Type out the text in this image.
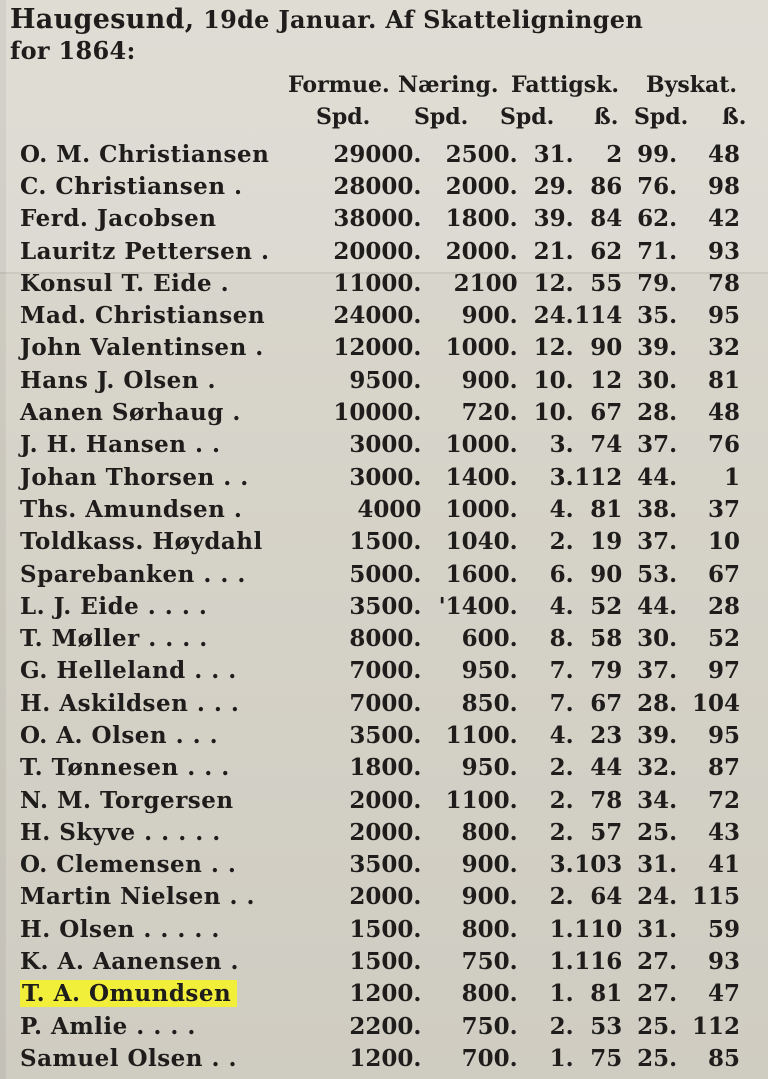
Haugesund, 19de Januar. Af Skatteligningen
for 1864:
Formue. Næring. Fattigsk. Byskat.
Spd. Spd. Spd. ß. Spd. ß.
O. M. Christiansen	29000.	2500.	31.	2	99.	48
C. Christiansen .	28000.	2000.	29.	86	76.	98
Ferd. Jacobsen	38000.	1800.	39.	84	62.	42
Lauritz Pettersen .	20000.	2000.	21.	62	71.	93
Konsul T. Eide .	11000.	2100	12.	55	79.	78
Mad. Christiansen	24000.	900.	24.	114	35.	95
John Valentinsen .	12000.	1000.	12.	90	39.	32
Hans J. Olsen .	9500.	900.	10.	12	30.	81
Aanen Sørhaug .	10000.	720.	10.	67	28.	48
J. H. Hansen . .	3000.	1000.	3.	74	37.	76
Johan Thorsen . .	3000.	1400.	3.	112	44.	1
Ths. Amundsen .	4000	1000.	4.	81	38.	37
Toldkass. Høydahl	1500.	1040.	2.	19	37.	10
Sparebanken . . .	5000.	1600.	6.	90	53.	67
L. J. Eide . . . .	3500.	'1400.	4.	52	44.	28
T. Møller . . . .	8000.	600.	8.	58	30.	52
G. Helleland . . .	7000.	950.	7.	79	37.	97
H. Askildsen . . .	7000.	850.	7.	67	28.	104
O. A. Olsen . . .	3500.	1100.	4.	23	39.	95
T. Tønnesen . . .	1800.	950.	2.	44	32.	87
N. M. Torgersen	2000.	1100.	2.	78	34.	72
H. Skyve . . . . .	2000.	800.	2.	57	25.	43
O. Clemensen . .	3500.	900.	3.	103	31.	41
Martin Nielsen . .	2000.	900.	2.	64	24.	115
H. Olsen . . . . .	1500.	800.	1.	110	31.	59
K. A. Aanensen .	1500.	750.	1.	116	27.	93
T. A. Omundsen	1200.	800.	1.	81	27.	47
P. Amlie . . . .	2200.	750.	2.	53	25.	112
Samuel Olsen . .	1200.	700.	1.	75	25.	85
